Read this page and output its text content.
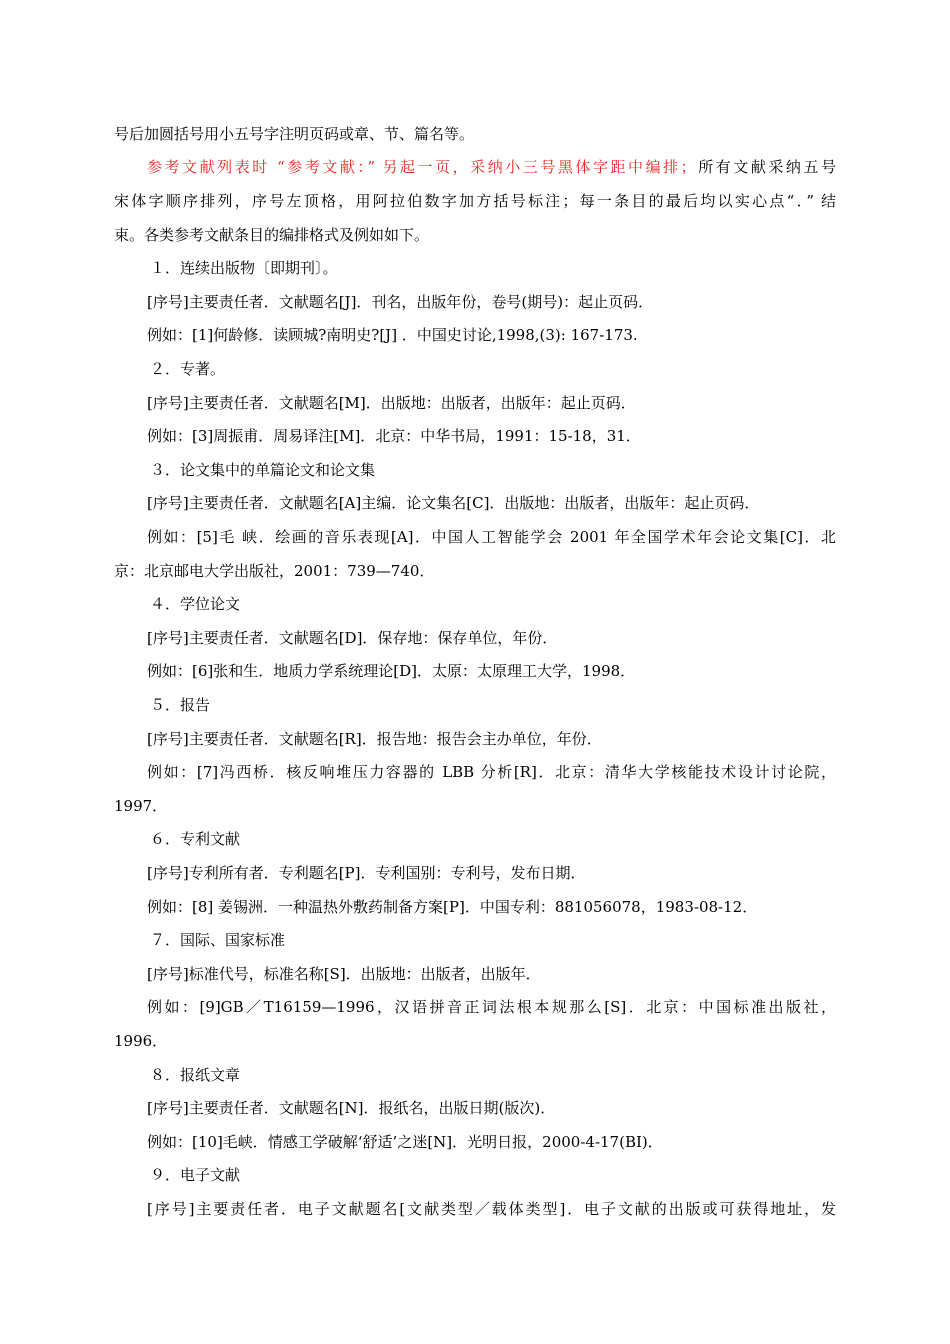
号后加圆括号用小五号字注明页码或章、节、篇名等。
参考文献列表时 “参考文献：” 另起一页，采纳小三号黑体字距中编排；所有文献采纳五号
宋体字顺序排列，序号左顶格，用阿拉伯数字加方括号标注；每一条目的最后均以实心点“．” 结
束。各类参考文献条目的编排格式及例如如下。
１．连续出版物〔即期刊〕。
[序号]主要责任者．文献题名[J]．刊名，出版年份，卷号(期号)：起止页码．
例如：[1]何龄修．读顾城?南明史?[J] ．中国史讨论,1998,(3): 167-173.
２．专著。
[序号]主要责任者．文献题名[M]．出版地：出版者，出版年：起止页码．
例如：[3]周振甫．周易译注[M]．北京：中华书局，1991：15-18，31．
３．论文集中的单篇论文和论文集
[序号]主要责任者．文献题名[A]主编．论文集名[C]．出版地：出版者，出版年：起止页码．
例如：[5]毛 峡．绘画的音乐表现[A]．中国人工智能学会 2001 年全国学术年会论文集[C]．北
京：北京邮电大学出版社，2001：739—740．
４．学位论文
[序号]主要责任者．文献题名[D]．保存地：保存单位，年份．
例如：[6]张和生．地质力学系统理论[D]．太原：太原理工大学，1998．
５．报告
[序号]主要责任者．文献题名[R]．报告地：报告会主办单位，年份．
例如：[7]冯西桥．核反响堆压力容器的 LBB 分析[R]．北京：清华大学核能技术设计讨论院，
1997．
６．专利文献
[序号]专利所有者．专利题名[P]．专利国别：专利号，发布日期．
例如：[8] 姜锡洲．一种温热外敷药制备方案[P]．中国专利：881056078，1983-08-12．
７．国际、国家标准
[序号]标准代号，标准名称[S]．出版地：出版者，出版年．
例如：[9]GB／T16159—1996，汉语拼音正词法根本规那么[S]．北京：中国标准出版社，
1996．
８．报纸文章
[序号]主要责任者．文献题名[N]．报纸名，出版日期(版次)．
例如：[10]毛峡．情感工学破解‘舒适’之迷[N]．光明日报，2000-4-17(BI)．
９．电子文献
[序号]主要责任者．电子文献题名[文献类型／载体类型]．电子文献的出版或可获得地址，发
